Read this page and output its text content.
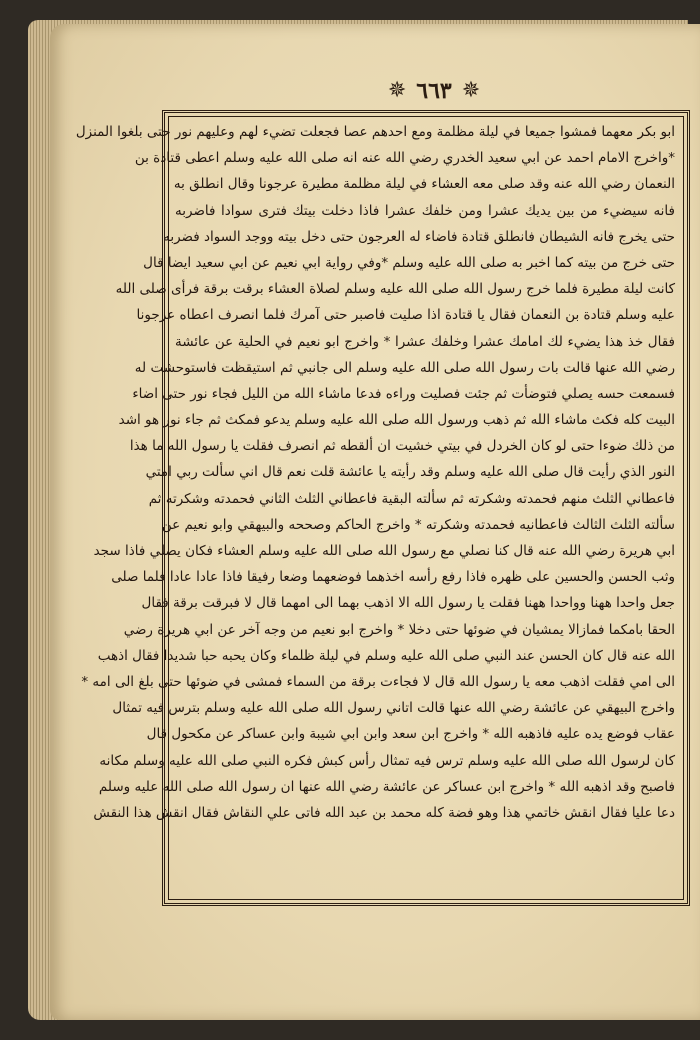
✵ ٦٦٣ ✵
ابو بكر معهما فمشوا جميعا في ليلة مظلمة ومع احدهم عصا فجعلت تضيء لهم وعليهم نور حتى بلغوا المنزل
*واخرج الامام احمد عن ابي سعيد الخدري رضي الله عنه انه صلى الله عليه وسلم اعطى قتادة بن
النعمان رضي الله عنه وقد صلى معه العشاء في ليلة مظلمة مطيرة عرجونا وقال انطلق به
فانه سيضيء من بين يديك عشرا ومن خلفك عشرا فاذا دخلت بيتك فترى سوادا فاضربه
حتى يخرج فانه الشيطان فانطلق قتادة فاضاء له العرجون حتى دخل بيته ووجد السواد فضربه
حتى خرج من بيته كما اخبر به صلى الله عليه وسلم *وفي رواية ابي نعيم عن ابي سعيد ايضا قال
كانت ليلة مطيرة فلما خرج رسول الله صلى الله عليه وسلم لصلاة العشاء برقت برقة فرأى صلى الله
عليه وسلم قتادة بن النعمان فقال يا قتادة اذا صليت فاصبر حتى آمرك فلما انصرف اعطاه عرجونا
فقال خذ هذا يضيء لك امامك عشرا وخلفك عشرا * واخرج ابو نعيم في الحلية عن عائشة
رضي الله عنها قالت بات رسول الله صلى الله عليه وسلم الى جانبي ثم استيقظت فاستوحشت له
فسمعت حسه يصلي فتوضأت ثم جئت فصليت وراءه فدعا ماشاء الله من الليل فجاء نور حتى اضاء
البيت كله فكث ماشاء الله ثم ذهب ورسول الله صلى الله عليه وسلم يدعو فمكث ثم جاء نور هو اشد
من ذلك ضوءا حتى لو كان الخردل في بيتي خشيت ان ألقطه ثم انصرف فقلت يا رسول الله ما هذا
النور الذي رأيت قال صلى الله عليه وسلم وقد رأيته يا عائشة قلت نعم قال اني سألت ربي امتي
فاعطاني الثلث منهم فحمدته وشكرته ثم سألته البقية فاعطاني الثلث الثاني فحمدته وشكرته ثم
سألته الثلث الثالث فاعطانيه فحمدته وشكرته * واخرج الحاكم وصححه والبيهقي وابو نعيم عن
ابي هريرة رضي الله عنه قال كنا نصلي مع رسول الله صلى الله عليه وسلم العشاء فكان يصلي فاذا سجد
وثب الحسن والحسين على ظهره فاذا رفع رأسه اخذهما فوضعهما وضعا رفيقا فاذا عادا عادا فلما صلى
جعل واحدا ههنا وواحدا ههنا فقلت يا رسول الله الا اذهب بهما الى امهما قال لا فبرقت برقة فقال
الحقا بامكما فمازالا يمشيان في ضوئها حتى دخلا * واخرج ابو نعيم من وجه آخر عن ابي هريرة رضي
الله عنه قال كان الحسن عند النبي صلى الله عليه وسلم في ليلة ظلماء وكان يحبه حبا شديدا فقال اذهب
الى امي فقلت اذهب معه يا رسول الله قال لا فجاءت برقة من السماء فمشى في ضوئها حتى بلغ الى امه *
واخرج البيهقي عن عائشة رضي الله عنها قالت اتاني رسول الله صلى الله عليه وسلم بترس فيه تمثال
عقاب فوضع يده عليه فاذهبه الله * واخرج ابن سعد وابن ابي شيبة وابن عساكر عن مكحول قال
كان لرسول الله صلى الله عليه وسلم ترس فيه تمثال رأس كبش فكره النبي صلى الله عليه وسلم مكانه
فاصبح وقد اذهبه الله * واخرج ابن عساكر عن عائشة رضي الله عنها ان رسول الله صلى الله عليه وسلم
دعا عليا فقال انقش خاتمي هذا وهو فضة كله محمد بن عبد الله فاتى علي النقاش فقال انقش هذا النقش
